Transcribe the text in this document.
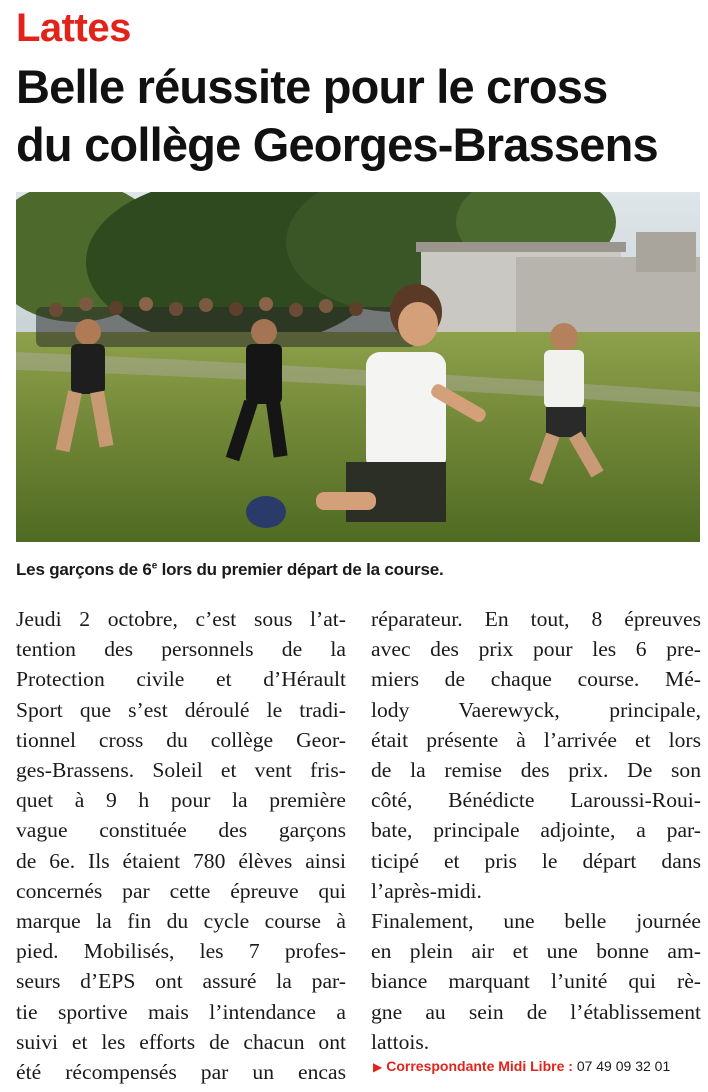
Lattes
Belle réussite pour le cross
du collège Georges-Brassens
Les garçons de 6e lors du premier départ de la course.
Jeudi 2 octobre, c’est sous l’at-
tention des personnels de la
Protection civile et d’Hérault
Sport que s’est déroulé le tradi-
tionnel cross du collège Geor-
ges-Brassens. Soleil et vent fris-
quet à 9 h pour la première
vague constituée des garçons
de 6e. Ils étaient 780 élèves ainsi
concernés par cette épreuve qui
marque la fin du cycle course à
pied. Mobilisés, les 7 profes-
seurs d’EPS ont assuré la par-
tie sportive mais l’intendance a
suivi et les efforts de chacun ont
été récompensés par un encas
réparateur. En tout, 8 épreuves
avec des prix pour les 6 pre-
miers de chaque course. Mé-
lody Vaerewyck, principale,
était présente à l’arrivée et lors
de la remise des prix. De son
côté, Bénédicte Laroussi-Roui-
bate, principale adjointe, a par-
ticipé et pris le départ dans
l’après-midi.
Finalement, une belle journée
en plein air et une bonne am-
biance marquant l’unité qui rè-
gne au sein de l’établissement
lattois.
▶ Correspondante Midi Libre : 07 49 09 32 01
